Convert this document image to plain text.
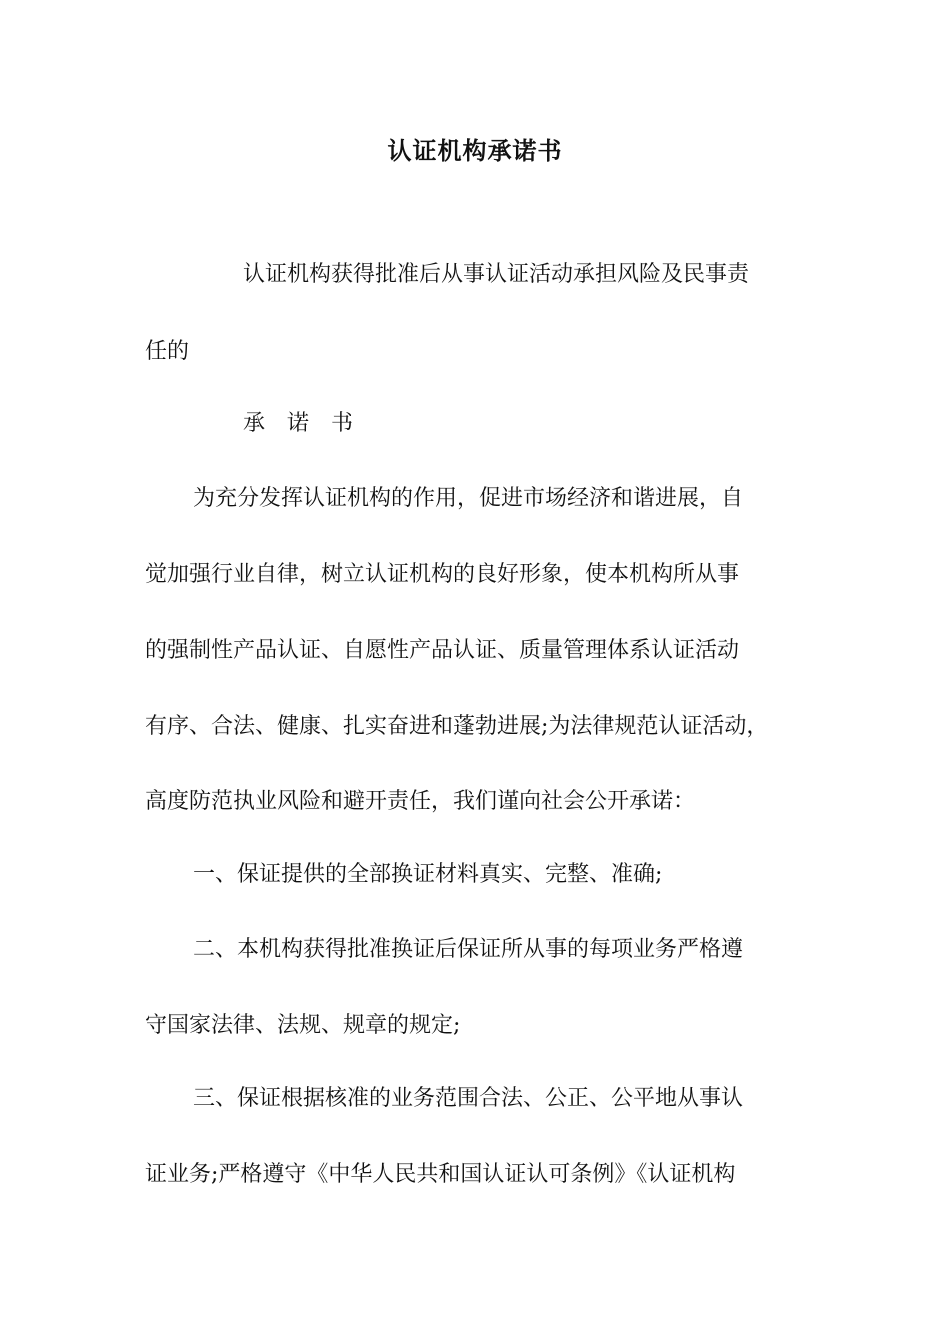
认证机构承诺书

认证机构获得批准后从事认证活动承担风险及民事责

任的

承　诺　书

为充分发挥认证机构的作用，促进市场经济和谐进展，自

觉加强行业自律，树立认证机构的良好形象，使本机构所从事

的强制性产品认证、自愿性产品认证、质量管理体系认证活动

有序、合法、健康、扎实奋进和蓬勃进展;为法律规范认证活动，

高度防范执业风险和避开责任，我们谨向社会公开承诺：

一、保证提供的全部换证材料真实、完整、准确;

二、本机构获得批准换证后保证所从事的每项业务严格遵

守国家法律、法规、规章的规定;

三、保证根据核准的业务范围合法、公正、公平地从事认

证业务;严格遵守《中华人民共和国认证认可条例》《认证机构
